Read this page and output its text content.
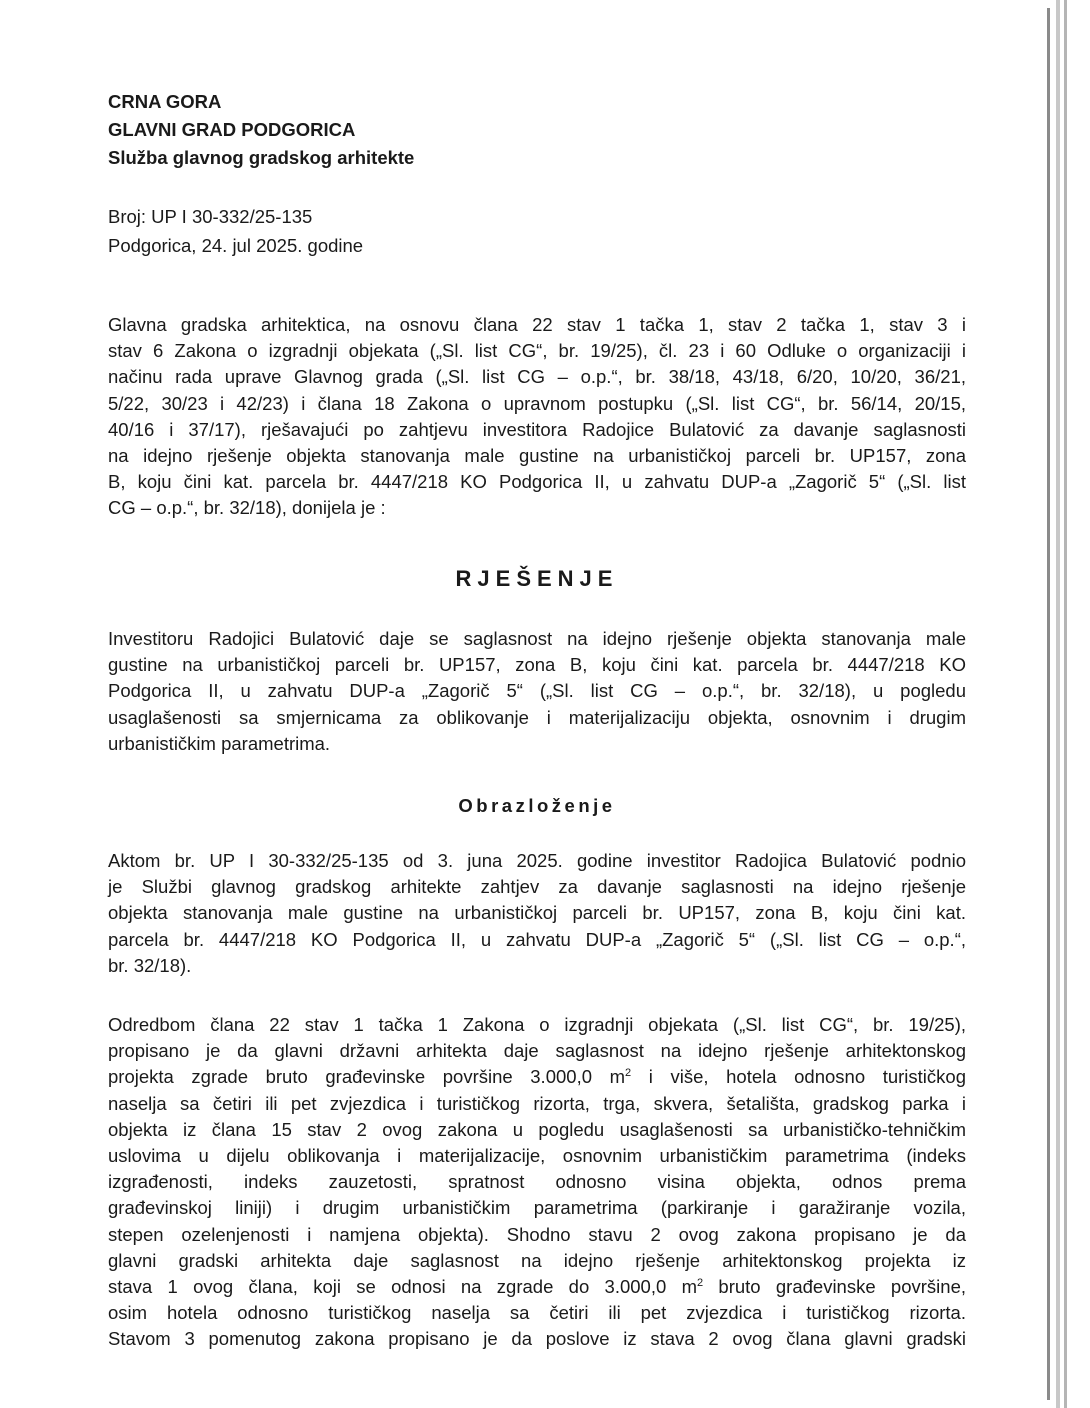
CRNA GORA
GLAVNI GRAD PODGORICA
Služba glavnog gradskog arhitekte
Broj: UP I 30-332/25-135
Podgorica, 24. jul 2025. godine
Glavna gradska arhitektica, na osnovu člana 22 stav 1 tačka 1, stav 2 tačka 1, stav 3 i
stav 6 Zakona o izgradnji objekata („Sl. list CG“, br. 19/25), čl. 23 i 60 Odluke o organizaciji i
načinu rada uprave Glavnog grada („Sl. list CG – o.p.“, br. 38/18, 43/18, 6/20, 10/20, 36/21,
5/22, 30/23 i 42/23) i člana 18 Zakona o upravnom postupku („Sl. list CG“, br. 56/14, 20/15,
40/16 i 37/17), rješavajući po zahtjevu investitora Radojice Bulatović za davanje saglasnosti
na idejno rješenje objekta stanovanja male gustine na urbanističkoj parceli br. UP157, zona
B, koju čini kat. parcela br. 4447/218 KO Podgorica II, u zahvatu DUP-a „Zagorič 5“ („Sl. list
CG – o.p.“, br. 32/18), donijela je :
RJEŠENJE
Investitoru Radojici Bulatović daje se saglasnost na idejno rješenje objekta stanovanja male
gustine na urbanističkoj parceli br. UP157, zona B, koju čini kat. parcela br. 4447/218 KO
Podgorica II, u zahvatu DUP-a „Zagorič 5“ („Sl. list CG – o.p.“, br. 32/18), u pogledu
usaglašenosti sa smjernicama za oblikovanje i materijalizaciju objekta, osnovnim i drugim
urbanističkim parametrima.
Obrazloženje
Aktom br. UP I 30-332/25-135 od 3. juna 2025. godine investitor Radojica Bulatović podnio
je Službi glavnog gradskog arhitekte zahtjev za davanje saglasnosti na idejno rješenje
objekta stanovanja male gustine na urbanističkoj parceli br. UP157, zona B, koju čini kat.
parcela br. 4447/218 KO Podgorica II, u zahvatu DUP-a „Zagorič 5“ („Sl. list CG – o.p.“,
br. 32/18).
Odredbom člana 22 stav 1 tačka 1 Zakona o izgradnji objekata („Sl. list CG“, br. 19/25),
propisano je da glavni državni arhitekta daje saglasnost na idejno rješenje arhitektonskog
projekta zgrade bruto građevinske površine 3.000,0 $m^2$ i više, hotela odnosno turističkog
naselja sa četiri ili pet zvjezdica i turističkog rizorta, trga, skvera, šetališta, gradskog parka i
objekta iz člana 15 stav 2 ovog zakona u pogledu usaglašenosti sa urbanističko-tehničkim
uslovima u dijelu oblikovanja i materijalizacije, osnovnim urbanističkim parametrima (indeks
izgrađenosti, indeks zauzetosti, spratnost odnosno visina objekta, odnos prema
građevinskoj liniji) i drugim urbanističkim parametrima (parkiranje i garažiranje vozila,
stepen ozelenjenosti i namjena objekta). Shodno stavu 2 ovog zakona propisano je da
glavni gradski arhitekta daje saglasnost na idejno rješenje arhitektonskog projekta iz
stava 1 ovog člana, koji se odnosi na zgrade do 3.000,0 $m^2$ bruto građevinske površine,
osim hotela odnosno turističkog naselja sa četiri ili pet zvjezdica i turističkog rizorta.
Stavom 3 pomenutog zakona propisano je da poslove iz stava 2 ovog člana glavni gradski
